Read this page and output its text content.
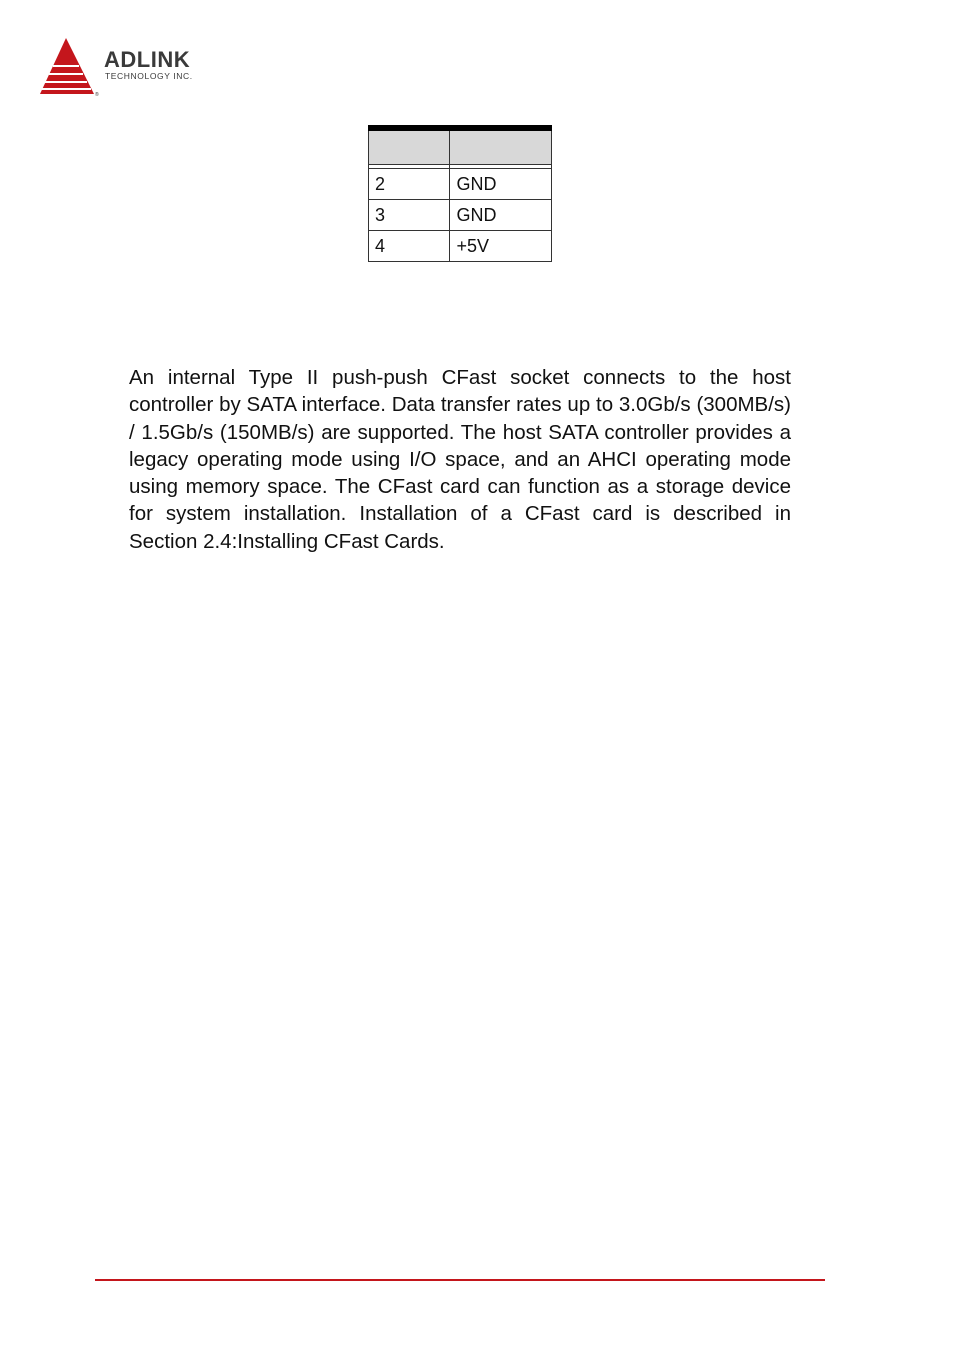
®
ADLINK
TECHNOLOGY INC.

2	GND
3	GND
4	+5V

An internal Type II push-push CFast socket connects to the host controller by SATA interface. Data transfer rates up to 3.0Gb/s (300MB/s) / 1.5Gb/s (150MB/s) are supported. The host SATA controller provides a legacy operating mode using I/O space, and an AHCI operating mode using memory space. The CFast card can function as a storage device for system installation. Installation of a CFast card is described in Section 2.4:Installing CFast Cards.
